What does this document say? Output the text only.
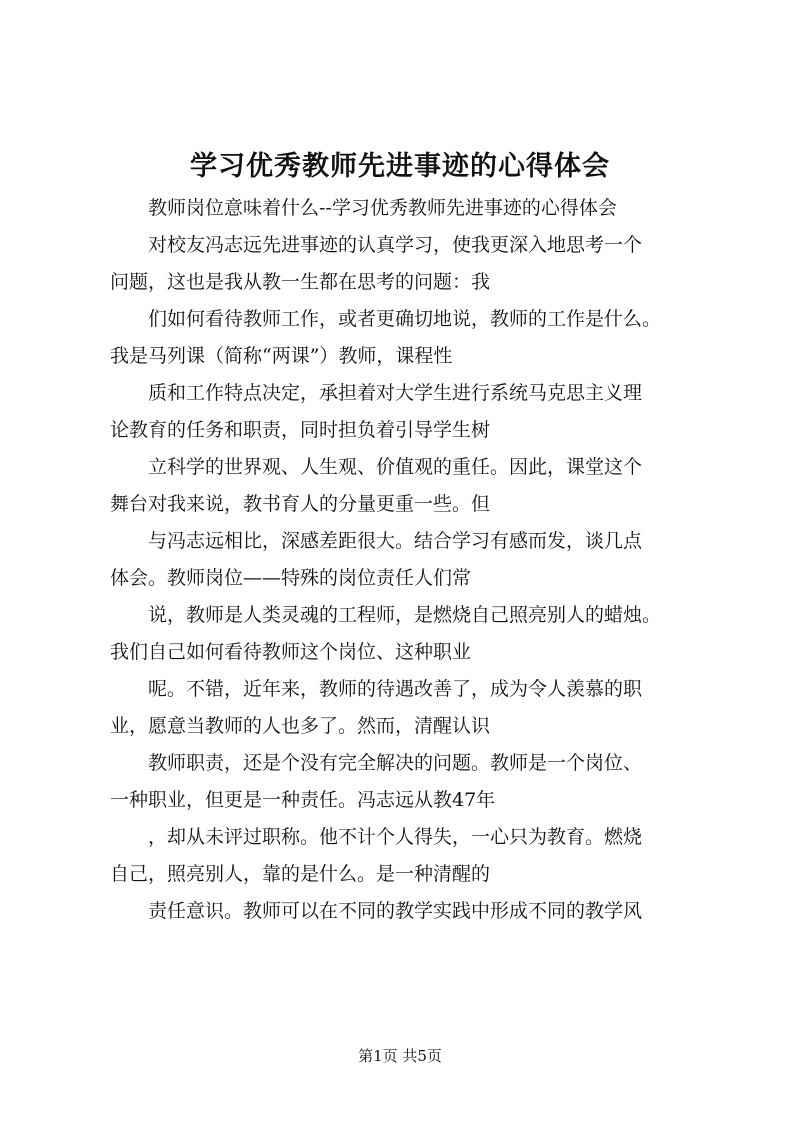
学习优秀教师先进事迹的心得体会

教师岗位意味着什么--学习优秀教师先进事迹的心得体会

对校友冯志远先进事迹的认真学习，使我更深入地思考一个
问题，这也是我从教一生都在思考的问题：我

们如何看待教师工作，或者更确切地说，教师的工作是什么。
我是马列课（简称“两课”）教师，课程性

质和工作特点决定，承担着对大学生进行系统马克思主义理
论教育的任务和职责，同时担负着引导学生树

立科学的世界观、人生观、价值观的重任。因此，课堂这个
舞台对我来说，教书育人的分量更重一些。但

与冯志远相比，深感差距很大。结合学习有感而发，谈几点
体会。教师岗位——特殊的岗位责任人们常

说，教师是人类灵魂的工程师，是燃烧自己照亮别人的蜡烛。
我们自己如何看待教师这个岗位、这种职业

呢。不错，近年来，教师的待遇改善了，成为令人羡慕的职
业，愿意当教师的人也多了。然而，清醒认识

教师职责，还是个没有完全解决的问题。教师是一个岗位、
一种职业，但更是一种责任。冯志远从教47年

，却从未评过职称。他不计个人得失，一心只为教育。燃烧
自己，照亮别人，靠的是什么。是一种清醒的

责任意识。教师可以在不同的教学实践中形成不同的教学风

第1页 共5页
